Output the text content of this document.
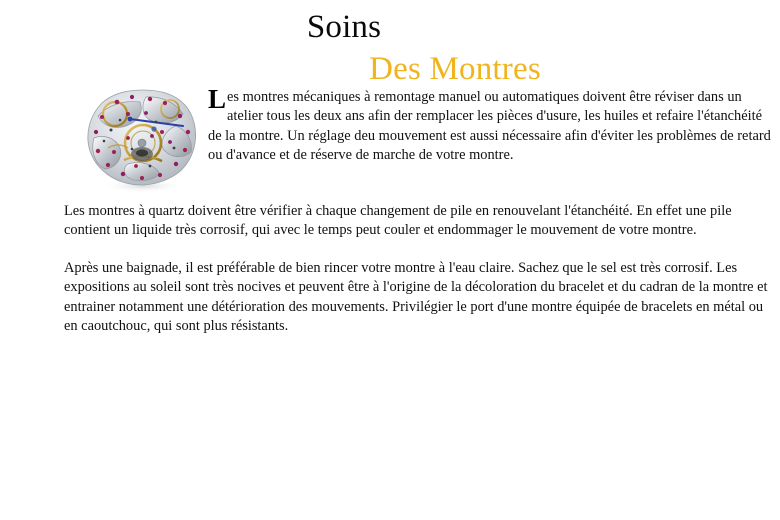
Soins
Des Montres

Les montres mécaniques à remontage manuel ou automatiques doivent être réviser dans un atelier tous les deux ans afin der remplacer les pièces d'usure, les huiles et refaire l'étanchéité de la montre. Un réglage deu mouvement est aussi nécessaire afin d'éviter les problèmes de retard ou d'avance et de réserve de marche de votre montre.

Les montres à quartz doivent être vérifier à chaque changement de pile en renouvelant l'étanchéité. En effet une pile contient un liquide très corrosif, qui avec le temps peut couler et endommager le mouvement de votre montre.

Après une baignade, il est préférable de bien rincer votre montre à l'eau claire. Sachez que le sel est très corrosif. Les expositions au soleil sont très nocives et peuvent être à l'origine de la décoloration du bracelet et du cadran de la montre et entrainer notamment une détérioration des mouvements. Privilégier le port d'une montre équipée de bracelets en métal ou en caoutchouc, qui sont plus résistants.
